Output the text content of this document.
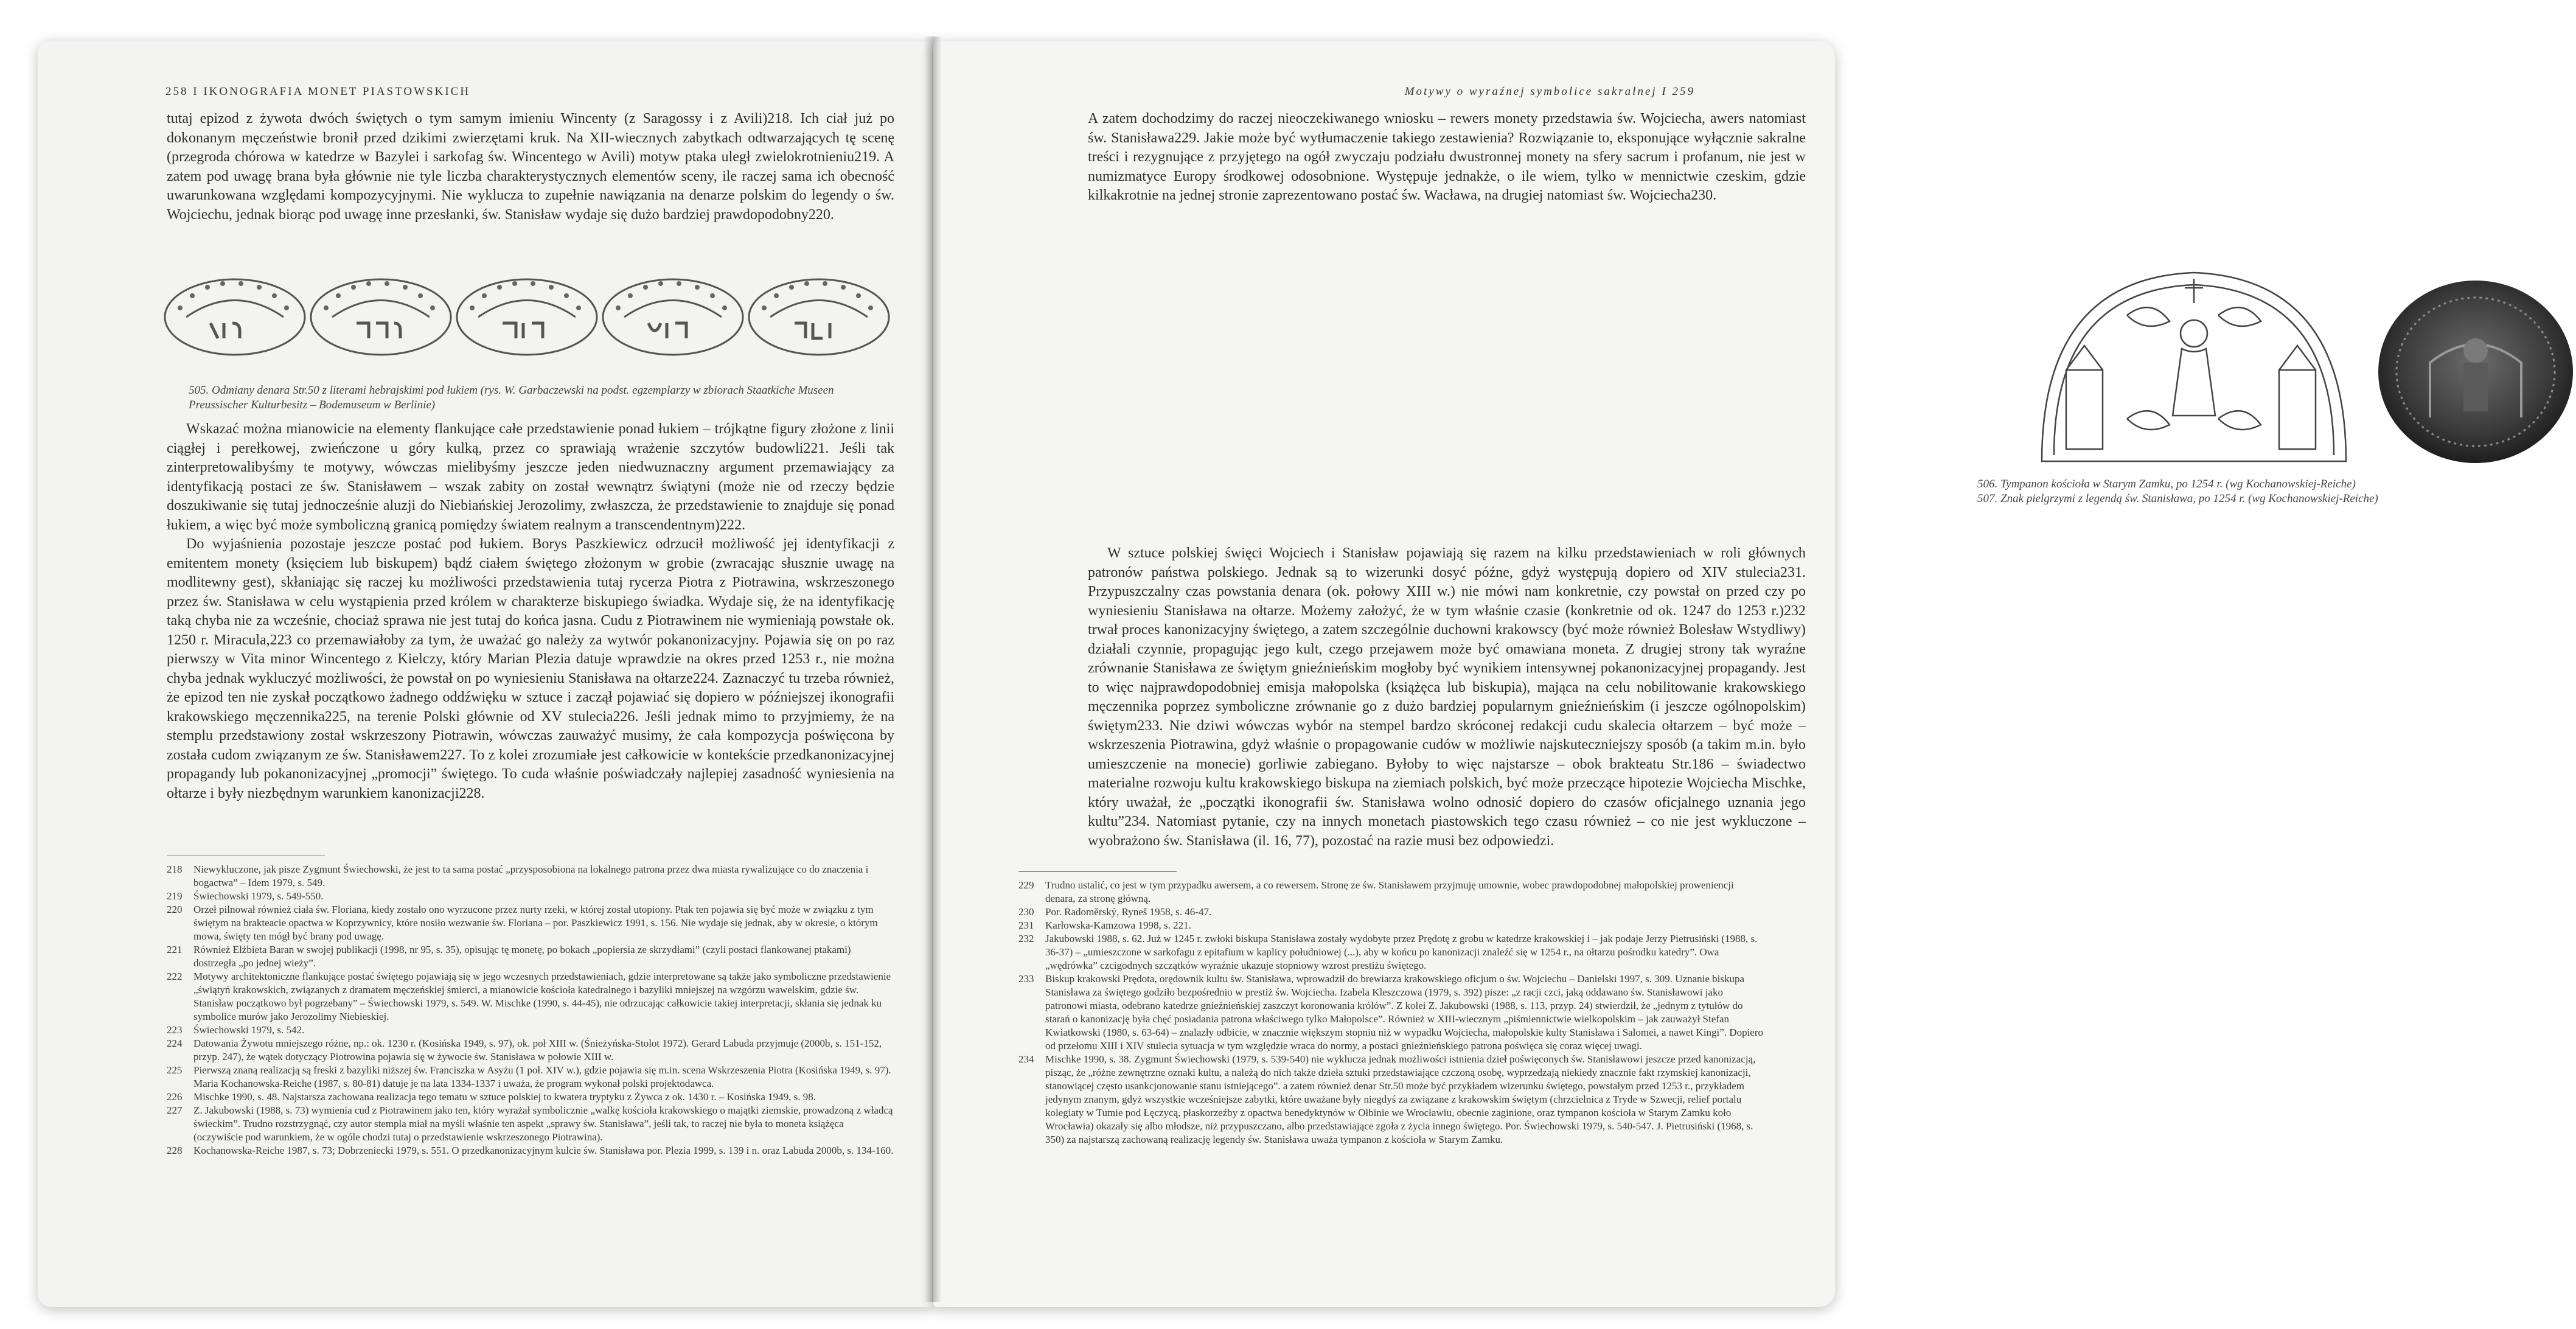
258 I IKONOGRAFIA MONET PIASTOWSKICH
tutaj epizod z żywota dwóch świętych o tym samym imieniu Wincenty (z Saragossy i z Avili)218. Ich ciał już po dokonanym męczeństwie bronił przed dzikimi zwierzętami kruk. Na XII-wiecznych zabytkach odtwarzających tę scenę (przegroda chórowa w katedrze w Bazylei i sarkofag św. Wincentego w Avili) motyw ptaka uległ zwielokrotnieniu219. A zatem pod uwagę brana była głównie nie tyle liczba charakterystycznych elementów sceny, ile raczej sama ich obecność uwarunkowana względami kompozycyjnymi. Nie wyklucza to zupełnie nawiązania na denarze polskim do legendy o św. Wojciechu, jednak biorąc pod uwagę inne przesłanki, św. Stanisław wydaje się dużo bardziej prawdopodobny220.
505. Odmiany denara Str.50 z literami hebrajskimi pod łukiem (rys. W. Garbaczewski na podst. egzemplarzy w zbiorach Staatkiche Museen Preussischer Kulturbesitz – Bodemuseum w Berlinie)

Wskazać można mianowicie na elementy flankujące całe przedstawienie ponad łukiem – trójkątne figury złożone z linii ciągłej i perełkowej, zwieńczone u góry kulką, przez co sprawiają wrażenie szczytów budowli221. Jeśli tak zinterpretowalibyśmy te motywy, wówczas mielibyśmy jeszcze jeden niedwuznaczny argument przemawiający za identyfikacją postaci ze św. Stanisławem – wszak zabity on został wewnątrz świątyni (może nie od rzeczy będzie doszukiwanie się tutaj jednocześnie aluzji do Niebiańskiej Jerozolimy, zwłaszcza, że przedstawienie to znajduje się ponad łukiem, a więc być może symboliczną granicą pomiędzy światem realnym a transcendentnym)222.

Do wyjaśnienia pozostaje jeszcze postać pod łukiem. Borys Paszkiewicz odrzucił możliwość jej identyfikacji z emitentem monety (księciem lub biskupem) bądź ciałem świętego złożonym w grobie (zwracając słusznie uwagę na modlitewny gest), skłaniając się raczej ku możliwości przedstawienia tutaj rycerza Piotra z Piotrawina, wskrzeszonego przez św. Stanisława w celu wystąpienia przed królem w charakterze biskupiego świadka. Wydaje się, że na identyfikację taką chyba nie za wcześnie, chociaż sprawa nie jest tutaj do końca jasna. Cudu z Piotrawinem nie wymieniają powstałe ok. 1250 r. Miracula,223 co przemawiałoby za tym, że uważać go należy za wytwór pokanonizacyjny. Pojawia się on po raz pierwszy w Vita minor Wincentego z Kielczy, który Marian Plezia datuje wprawdzie na okres przed 1253 r., nie można chyba jednak wykluczyć możliwości, że powstał on po wyniesieniu Stanisława na ołtarze224. Zaznaczyć tu trzeba również, że epizod ten nie zyskał początkowo żadnego oddźwięku w sztuce i zaczął pojawiać się dopiero w późniejszej ikonografii krakowskiego męczennika225, na terenie Polski głównie od XV stulecia226. Jeśli jednak mimo to przyjmiemy, że na stemplu przedstawiony został wskrzeszony Piotrawin, wówczas zauważyć musimy, że cała kompozycja poświęcona by została cudom związanym ze św. Stanisławem227. To z kolei zrozumiałe jest całkowicie w kontekście przedkanonizacyjnej propagandy lub pokanonizacyjnej „promocji” świętego. To cuda właśnie poświadczały najlepiej zasadność wyniesienia na ołtarze i były niezbędnym warunkiem kanonizacji228.

218	Niewykluczone, jak pisze Zygmunt Świechowski, że jest to ta sama postać „przysposobiona na lokalnego patrona przez dwa miasta rywalizujące co do znaczenia i bogactwa” – Idem 1979, s. 549.
219	Świechowski 1979, s. 549-550.
220	Orzeł pilnował również ciała św. Floriana, kiedy zostało ono wyrzucone przez nurty rzeki, w której został utopiony. Ptak ten pojawia się być może w związku z tym świętym na brakteacie opactwa w Koprzywnicy, które nosiło wezwanie św. Floriana – por. Paszkiewicz 1991, s. 156. Nie wydaje się jednak, aby w okresie, o którym mowa, święty ten mógł być brany pod uwagę.
221	Również Elżbieta Baran w swojej publikacji (1998, nr 95, s. 35), opisując tę monetę, po bokach „popiersia ze skrzydłami” (czyli postaci flankowanej ptakami) dostrzegła „po jednej wieży”.
222	Motywy architektoniczne flankujące postać świętego pojawiają się w jego wczesnych przedstawieniach, gdzie interpretowane są także jako symboliczne przedstawienie „świątyń krakowskich, związanych z dramatem męczeńskiej śmierci, a mianowicie kościoła katedralnego i bazyliki mniejszej na wzgórzu wawelskim, gdzie św. Stanisław początkowo był pogrzebany” – Świechowski 1979, s. 549. W. Mischke (1990, s. 44-45), nie odrzucając całkowicie takiej interpretacji, skłania się jednak ku symbolice murów jako Jerozolimy Niebieskiej.
223	Świechowski 1979, s. 542.
224	Datowania Żywotu mniejszego różne, np.: ok. 1230 r. (Kosińska 1949, s. 97), ok. poł XIII w. (Śnieżyńska-Stolot 1972). Gerard Labuda przyjmuje (2000b, s. 151-152, przyp. 247), że wątek dotyczący Piotrowina pojawia się w żywocie św. Stanisława w połowie XIII w.
225	Pierwszą znaną realizacją są freski z bazyliki niższej św. Franciszka w Asyżu (1 poł. XIV w.), gdzie pojawia się m.in. scena Wskrzeszenia Piotra (Kosińska 1949, s. 97). Maria Kochanowska-Reiche (1987, s. 80-81) datuje je na lata 1334-1337 i uważa, że program wykonał polski projektodawca.
226	Mischke 1990, s. 48. Najstarsza zachowana realizacja tego tematu w sztuce polskiej to kwatera tryptyku z Żywca z ok. 1430 r. – Kosińska 1949, s. 98.
227	Z. Jakubowski (1988, s. 73) wymienia cud z Piotrawinem jako ten, który wyrażał symbolicznie „walkę kościoła krakowskiego o majątki ziemskie, prowadzoną z władcą świeckim”. Trudno rozstrzygnąć, czy autor stempla miał na myśli właśnie ten aspekt „sprawy św. Stanisława”, jeśli tak, to raczej nie była to moneta książęca (oczywiście pod warunkiem, że w ogóle chodzi tutaj o przedstawienie wskrzeszonego Piotrawina).
228	Kochanowska-Reiche 1987, s. 73; Dobrzeniecki 1979, s. 551. O przedkanonizacyjnym kulcie św. Stanisława por. Plezia 1999, s. 139 i n. oraz Labuda 2000b, s. 134-160.
Motywy o wyraźnej symbolice sakralnej I 259
A zatem dochodzimy do raczej nieoczekiwanego wniosku – rewers monety przedstawia św. Wojciecha, awers natomiast św. Stanisława229. Jakie może być wytłumaczenie takiego zestawienia? Rozwiązanie to, eksponujące wyłącznie sakralne treści i rezygnujące z przyjętego na ogół zwyczaju podziału dwustronnej monety na sfery sacrum i profanum, nie jest w numizmatyce Europy środkowej odosobnione. Występuje jednakże, o ile wiem, tylko w mennictwie czeskim, gdzie kilkakrotnie na jednej stronie zaprezentowano postać św. Wacława, na drugiej natomiast św. Wojciecha230.
506. Tympanon kościoła w Starym Zamku, po 1254 r. (wg Kochanowskiej-Reiche)
507. Znak pielgrzymi z legendą św. Stanisława, po 1254 r. (wg Kochanowskiej-Reiche)

W sztuce polskiej święci Wojciech i Stanisław pojawiają się razem na kilku przedstawieniach w roli głównych patronów państwa polskiego. Jednak są to wizerunki dosyć późne, gdyż występują dopiero od XIV stulecia231. Przypuszczalny czas powstania denara (ok. połowy XIII w.) nie mówi nam konkretnie, czy powstał on przed czy po wyniesieniu Stanisława na ołtarze. Możemy założyć, że w tym właśnie czasie (konkretnie od ok. 1247 do 1253 r.)232 trwał proces kanonizacyjny świętego, a zatem szczególnie duchowni krakowscy (być może również Bolesław Wstydliwy) działali czynnie, propagując jego kult, czego przejawem może być omawiana moneta. Z drugiej strony tak wyraźne zrównanie Stanisława ze świętym gnieźnieńskim mogłoby być wynikiem intensywnej pokanonizacyjnej propagandy. Jest to więc najprawdopodobniej emisja małopolska (książęca lub biskupia), mająca na celu nobilitowanie krakowskiego męczennika poprzez symboliczne zrównanie go z dużo bardziej popularnym gnieźnieńskim (i jeszcze ogólnopolskim) świętym233. Nie dziwi wówczas wybór na stempel bardzo skróconej redakcji cudu skalecia ołtarzem – być może – wskrzeszenia Piotrawina, gdyż właśnie o propagowanie cudów w możliwie najskuteczniejszy sposób (a takim m.in. było umieszczenie na monecie) gorliwie zabiegano. Byłoby to więc najstarsze – obok brakteatu Str.186 – świadectwo materialne rozwoju kultu krakowskiego biskupa na ziemiach polskich, być może przeczące hipotezie Wojciecha Mischke, który uważał, że „początki ikonografii św. Stanisława wolno odnosić dopiero do czasów oficjalnego uznania jego kultu”234. Natomiast pytanie, czy na innych monetach piastowskich tego czasu również – co nie jest wykluczone – wyobrażono św. Stanisława (il. 16, 77), pozostać na razie musi bez odpowiedzi.

229	Trudno ustalić, co jest w tym przypadku awersem, a co rewersem. Stronę ze św. Stanisławem przyjmuję umownie, wobec prawdopodobnej małopolskiej proweniencji denara, za stronę główną.
230	Por. Radoměrský, Ryneš 1958, s. 46-47.
231	Karłowska-Kamzowa 1998, s. 221.
232	Jakubowski 1988, s. 62. Już w 1245 r. zwłoki biskupa Stanisława zostały wydobyte przez Prędotę z grobu w katedrze krakowskiej i – jak podaje Jerzy Pietrusiński (1988, s. 36-37) – „umieszczone w sarkofagu z epitafium w kaplicy południowej (...), aby w końcu po kanonizacji znaleźć się w 1254 r., na ołtarzu pośrodku katedry”. Owa „wędrówka” czcigodnych szczątków wyraźnie ukazuje stopniowy wzrost prestiżu świętego.
233	Biskup krakowski Prędota, orędownik kultu św. Stanisława, wprowadził do brewiarza krakowskiego oficjum o św. Wojciechu – Danielski 1997, s. 309. Uznanie biskupa Stanisława za świętego godziło bezpośrednio w prestiż św. Wojciecha. Izabela Kleszczowa (1979, s. 392) pisze: „z racji czci, jaką oddawano św. Stanisławowi jako patronowi miasta, odebrano katedrze gnieźnieńskiej zaszczyt koronowania królów”. Z kolei Z. Jakubowski (1988, s. 113, przyp. 24) stwierdził, że „jednym z tytułów do starań o kanonizację była chęć posiadania patrona właściwego tylko Małopolsce”. Również w XIII-wiecznym „piśmiennictwie wielkopolskim – jak zauważył Stefan Kwiatkowski (1980, s. 63-64) – znalazły odbicie, w znacznie większym stopniu niż w wypadku Wojciecha, małopolskie kulty Stanisława i Salomei, a nawet Kingi”. Dopiero od przełomu XIII i XIV stulecia sytuacja w tym względzie wraca do normy, a postaci gnieźnieńskiego patrona poświęca się coraz więcej uwagi.
234	Mischke 1990, s. 38. Zygmunt Świechowski (1979, s. 539-540) nie wyklucza jednak możliwości istnienia dzieł poświęconych św. Stanisławowi jeszcze przed kanonizacją, pisząc, że „różne zewnętrzne oznaki kultu, a należą do nich także dzieła sztuki przedstawiające czczoną osobę, wyprzedzają niekiedy znacznie fakt rzymskiej kanonizacji, stanowiącej często usankcjonowanie stanu istniejącego”. a zatem również denar Str.50 może być przykładem wizerunku świętego, powstałym przed 1253 r., przykładem jedynym znanym, gdyż wszystkie wcześniejsze zabytki, które uważane były niegdyś za związane z krakowskim świętym (chrzcielnica z Tryde w Szwecji, relief portalu kolegiaty w Tumie pod Łęczycą, płaskorzeźby z opactwa benedyktynów w Ołbinie we Wrocławiu, obecnie zaginione, oraz tympanon kościoła w Starym Zamku koło Wrocławia) okazały się albo młodsze, niż przypuszczano, albo przedstawiające zgoła z życia innego świętego. Por. Świechowski 1979, s. 540-547. J. Pietrusiński (1968, s. 350) za najstarszą zachowaną realizację legendy św. Stanisława uważa tympanon z kościoła w Starym Zamku.
